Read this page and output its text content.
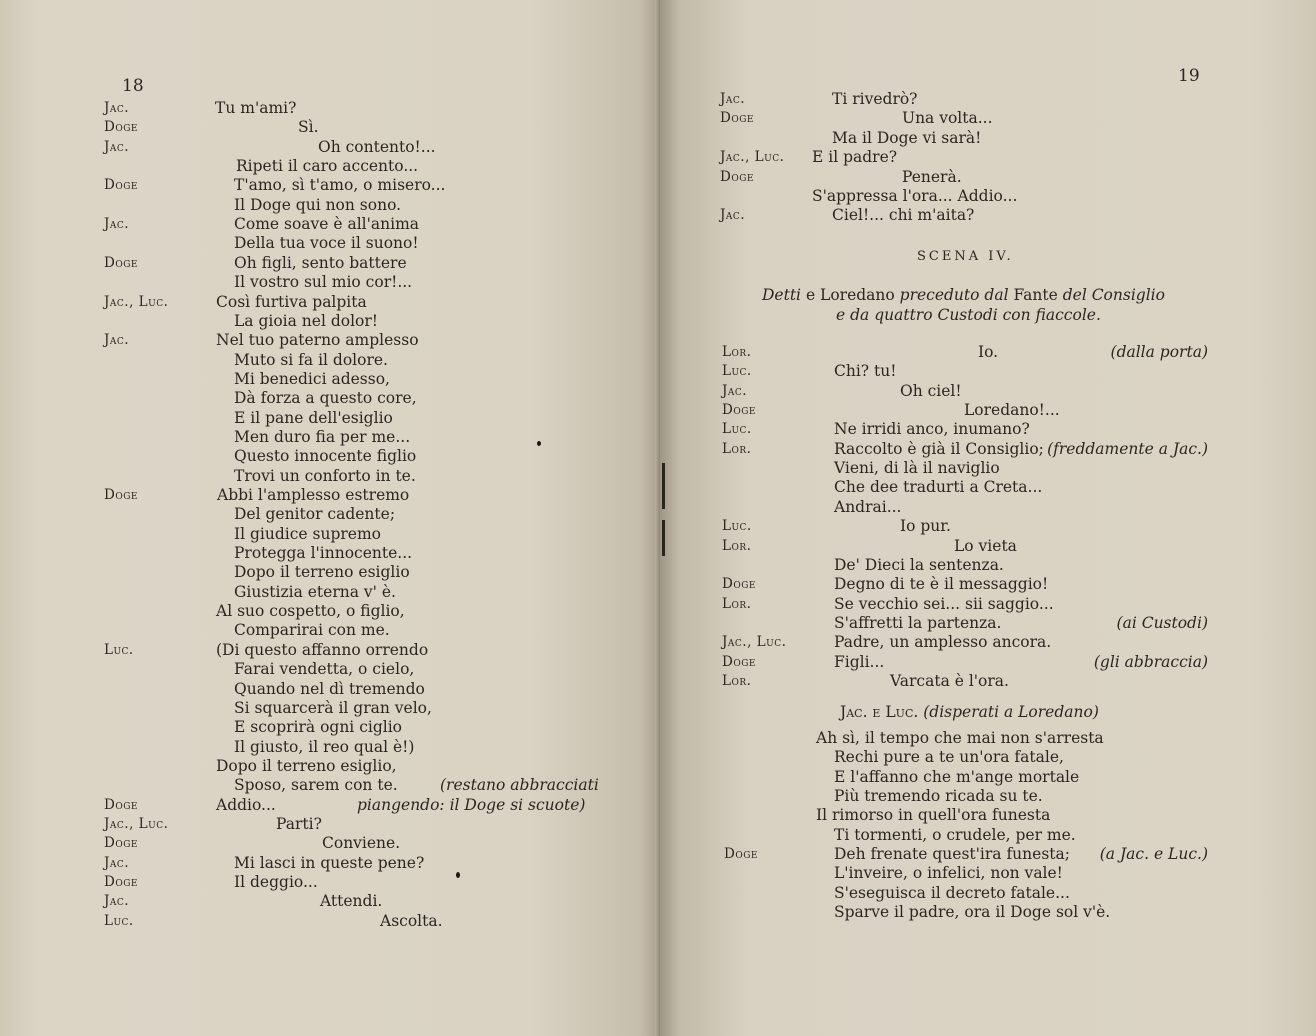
18
Jac.	Tu m'ami?
Doge	Sì.
Jac.	Oh contento!...
Ripeti il caro accento...
Doge	T'amo, sì t'amo, o misero...
Il Doge qui non sono.
Jac.	Come soave è all'anima
Della tua voce il suono!
Doge	Oh figli, sento battere
Il vostro sul mio cor!...
Jac., Luc.	Così furtiva palpita
La gioia nel dolor!
Jac.	Nel tuo paterno amplesso
Muto si fa il dolore.
Mi benedici adesso,
Dà forza a questo core,
E il pane dell'esiglio
Men duro fia per me...
Questo innocente figlio
Trovi un conforto in te.
Doge	Abbi l'amplesso estremo
Del genitor cadente;
Il giudice supremo
Protegga l'innocente...
Dopo il terreno esiglio
Giustizia eterna v' è.
Al suo cospetto, o figlio,
Comparirai con me.
Luc.	(Di questo affanno orrendo
Farai vendetta, o cielo,
Quando nel dì tremendo
Si squarcerà il gran velo,
E scoprirà ogni ciglio
Il giusto, il reo qual è!)
Dopo il terreno esiglio,
Sposo, sarem con te.	(restano abbracciati
Doge	Addio...	piangendo: il Doge si scuote)
Jac., Luc.	Parti?
Doge	Conviene.
Jac.	Mi lasci in queste pene?
Doge	Il deggio...
Jac.	Attendi.
Luc.	Ascolta.
19
Jac.	Ti rivedrò?
Doge	Una volta...
Ma il Doge vi sarà!
Jac., Luc. E il padre?
Doge	Penerà.
S'appressa l'ora... Addio...
Jac.	Ciel!... chi m'aita?
Lor.	Io.	(dalla porta)
Luc.	Chi? tu!
Jac.	Oh ciel!
Doge	Loredano!...
Luc.	Ne irridi anco, inumano?
Lor.	Raccolto è già il Consiglio; (freddamente a Jac.)
Vieni, di là il naviglio
Che dee tradurti a Creta...
Andrai...
Luc.	Io pur.
Lor.	Lo vieta
De' Dieci la sentenza.
Doge	Degno di te è il messaggio!
Lor.	Se vecchio sei... sii saggio...
S'affretti la partenza.	(ai Custodi)
Jac., Luc.	Padre, un amplesso ancora.
Doge	Figli...	(gli abbraccia)
Lor.	Varcata è l'ora.
Ah sì, il tempo che mai non s'arresta
Rechi pure a te un'ora fatale,
E l'affanno che m'ange mortale
Più tremendo ricada su te.
Il rimorso in quell'ora funesta
Ti tormenti, o crudele, per me.
Doge	Deh frenate quest'ira funesta; (a Jac. e Luc.)
L'inveire, o infelici, non vale!
S'eseguisca il decreto fatale...
Sparve il padre, ora il Doge sol v'è.
SCENA IV.
Detti e Loredano preceduto dal Fante del Consiglio
e da quattro Custodi con fiaccole.
Jac. e Luc. (disperati a Loredano)
